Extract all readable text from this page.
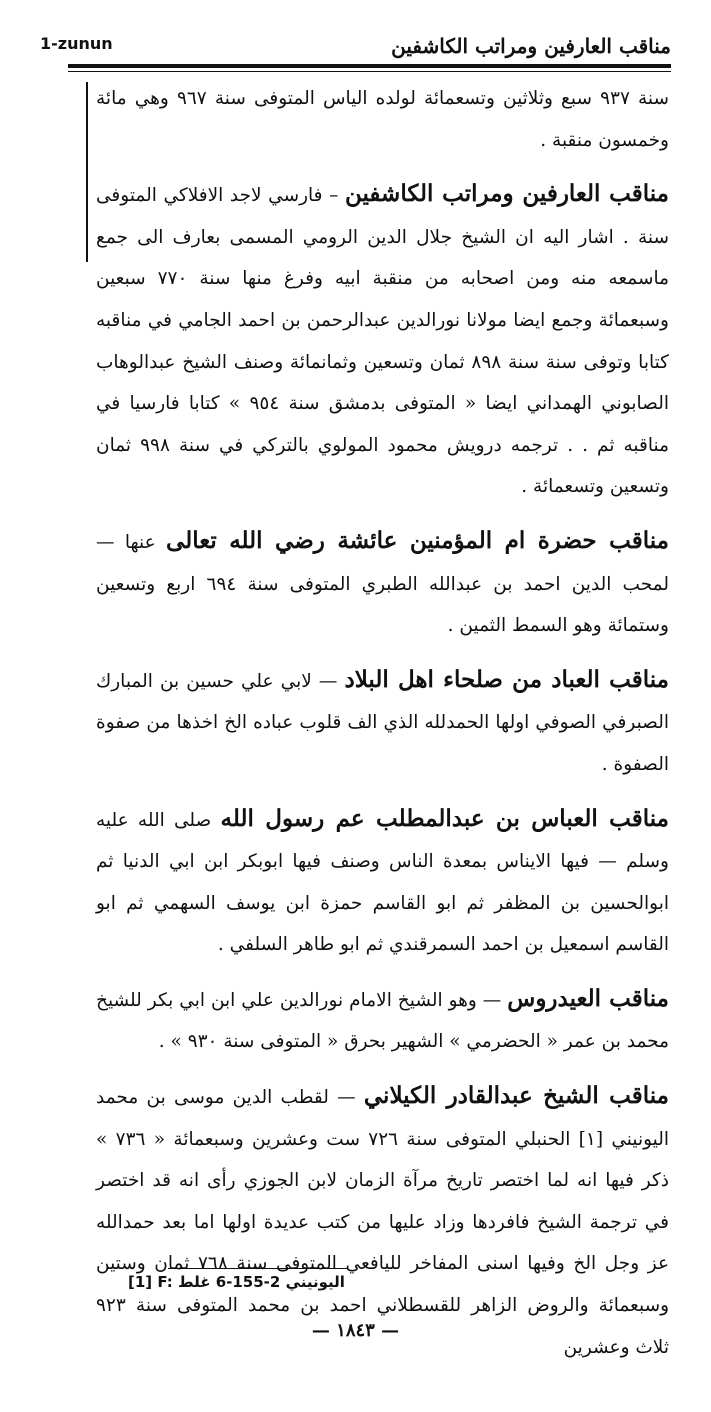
مناقب العارفين ومراتب الكاشفين
1-zunun

سنة ٩٣٧ سبع وثلاثين وتسعمائة لولده الياس المتوفى سنة ٩٦٧ وهي مائة وخمسون منقبة .

مناقب العارفين ومراتب الكاشفين – فارسي لاجد الافلاكي المتوفى سنة . اشار اليه ان الشيخ جلال الدين الرومي المسمى بعارف الى جمع ماسمعه منه ومن اصحابه من منقبة ابيه وفرغ منها سنة ٧٧٠ سبعين وسبعمائة وجمع ايضا مولانا نورالدين عبدالرحمن بن احمد الجامي في مناقبه كتابا وتوفى سنة سنة ٨٩٨ ثمان وتسعين وثمانمائة وصنف الشيخ عبدالوهاب الصابوني الهمداني ايضا « المتوفى بدمشق سنة ٩٥٤ » كتابا فارسيا في مناقبه ثم . . ترجمه درويش محمود المولوي بالتركي في سنة ٩٩٨ ثمان وتسعين وتسعمائة .

مناقب حضرة ام المؤمنين عائشة رضي الله تعالى عنها — لمحب الدين احمد بن عبدالله الطبري المتوفى سنة ٦٩٤ اربع وتسعين وستمائة وهو السمط الثمين .

مناقب العباد من صلحاء اهل البلاد — لابي علي حسين بن المبارك الصبرفي الصوفي اولها الحمدلله الذي الف قلوب عباده الخ اخذها من صفوة الصفوة .

مناقب العباس بن عبدالمطلب عم رسول الله صلى الله عليه وسلم — فيها الايناس بمعدة الناس وصنف فيها ابوبكر ابن ابي الدنيا ثم ابوالحسين بن المظفر ثم ابو القاسم حمزة ابن يوسف السهمي ثم ابو القاسم اسمعيل بن احمد السمرقندي ثم ابو طاهر السلفي .

مناقب العيدروس — وهو الشيخ الامام نورالدين علي ابن ابي بكر للشيخ محمد بن عمر « الحضرمي » الشهير بحرق « المتوفى سنة ٩٣٠ » .

مناقب الشيخ عبدالقادر الكيلاني — لقطب الدين موسى بن محمد اليونيني [١] الحنبلي المتوفى سنة ٧٢٦ ست وعشرين وسبعمائة « ٧٣٦ » ذكر فيها انه لما اختصر تاريخ مرآة الزمان لابن الجوزي رأى انه قد اختصر في ترجمة الشيخ فافردها وزاد عليها من كتب عديدة اولها اما بعد حمدالله عز وجل الخ وفيها اسنى المفاخر لليافعي المتوفى سنة ٧٦٨ ثمان وستين وسبعمائة والروض الزاهر للقسطلاني احمد بن محمد المتوفى سنة ٩٢٣ ثلاث وعشرين

[1] F: اليونيني 2-155-6 غلط
— ١٨٤٣ —
